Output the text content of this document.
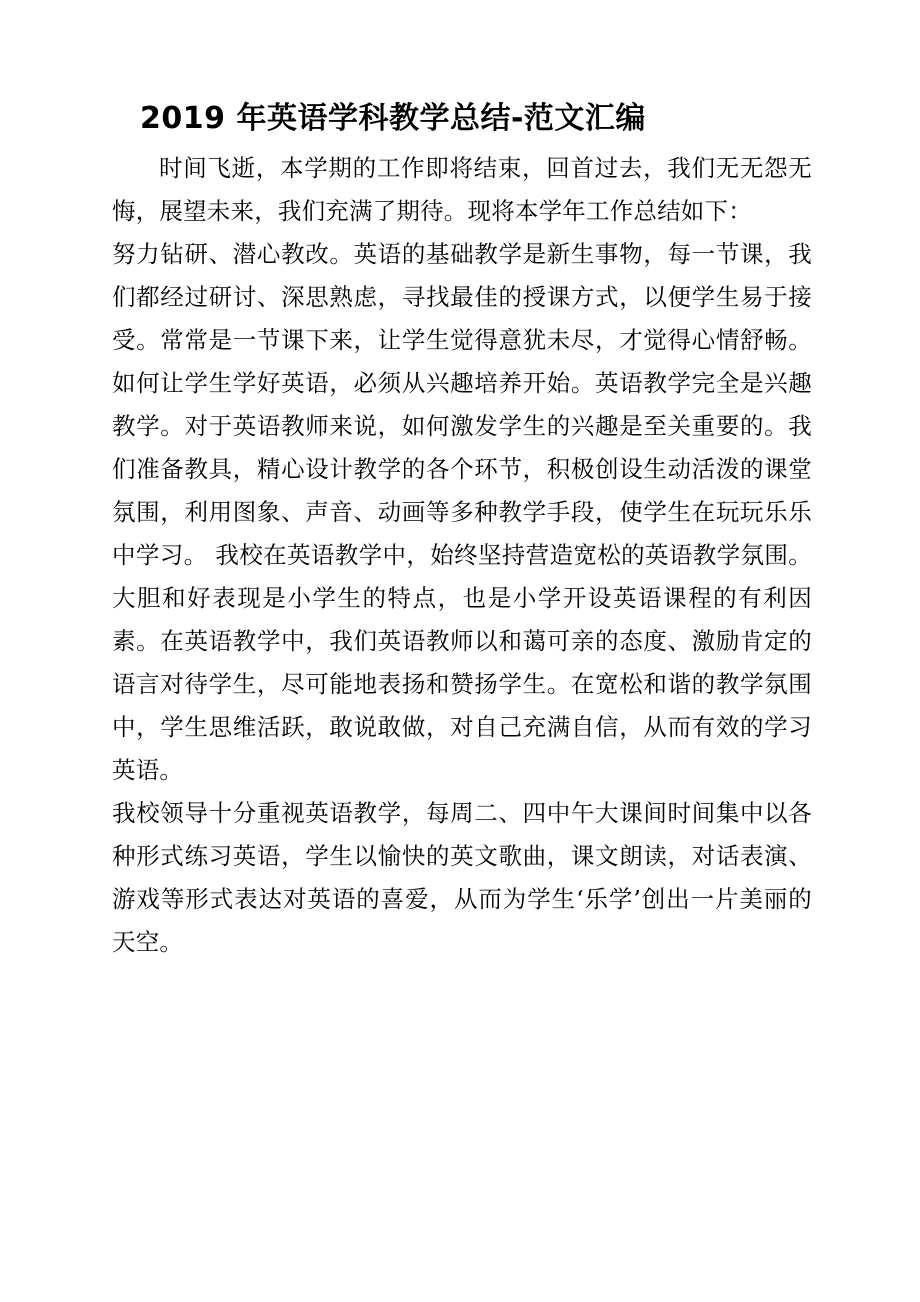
2019 年英语学科教学总结-范文汇编

时间飞逝，本学期的工作即将结束，回首过去，我们无无怨无悔，展望未来，我们充满了期待。现将本学年工作总结如下：

努力钻研、潜心教改。英语的基础教学是新生事物，每一节课，我们都经过研讨、深思熟虑，寻找最佳的授课方式，以便学生易于接受。常常是一节课下来，让学生觉得意犹未尽，才觉得心情舒畅。如何让学生学好英语，必须从兴趣培养开始。英语教学完全是兴趣教学。对于英语教师来说，如何激发学生的兴趣是至关重要的。我们准备教具，精心设计教学的各个环节，积极创设生动活泼的课堂氛围，利用图象、声音、动画等多种教学手段，使学生在玩玩乐乐中学习。 我校在英语教学中，始终坚持营造宽松的英语教学氛围。大胆和好表现是小学生的特点，也是小学开设英语课程的有利因素。在英语教学中，我们英语教师以和蔼可亲的态度、激励肯定的语言对待学生，尽可能地表扬和赞扬学生。在宽松和谐的教学氛围中，学生思维活跃，敢说敢做，对自己充满自信，从而有效的学习英语。

我校领导十分重视英语教学，每周二、四中午大课间时间集中以各种形式练习英语，学生以愉快的英文歌曲，课文朗读，对话表演、游戏等形式表达对英语的喜爱，从而为学生‘乐学’创出一片美丽的天空。
